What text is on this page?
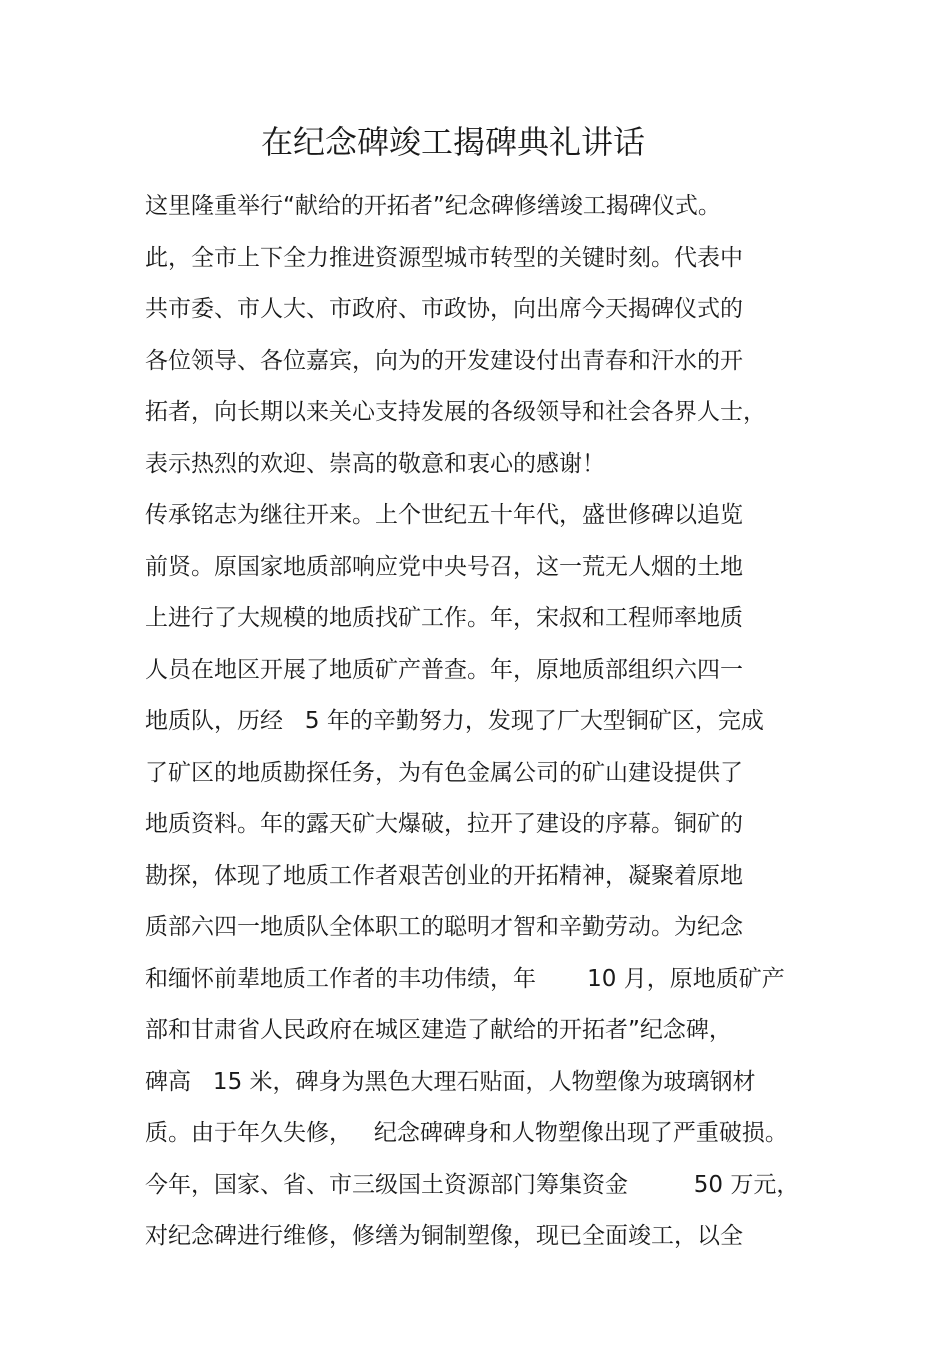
在纪念碑竣工揭碑典礼讲话
这里隆重举行“献给的开拓者”纪念碑修缮竣工揭碑仪式。
此，全市上下全力推进资源型城市转型的关键时刻。代表中
共市委、市人大、市政府、市政协，向出席今天揭碑仪式的
各位领导、各位嘉宾，向为的开发建设付出青春和汗水的开
拓者，向长期以来关心支持发展的各级领导和社会各界人士，
表示热烈的欢迎、崇高的敬意和衷心的感谢！
传承铭志为继往开来。上个世纪五十年代，盛世修碑以追览
前贤。原国家地质部响应党中央号召，这一荒无人烟的土地
上进行了大规模的地质找矿工作。年，宋叔和工程师率地质
人员在地区开展了地质矿产普查。年，原地质部组织六四一
地质队，历经   5 年的辛勤努力，发现了厂大型铜矿区，完成
了矿区的地质勘探任务，为有色金属公司的矿山建设提供了
地质资料。年的露天矿大爆破，拉开了建设的序幕。铜矿的
勘探，体现了地质工作者艰苦创业的开拓精神，凝聚着原地
质部六四一地质队全体职工的聪明才智和辛勤劳动。为纪念
和缅怀前辈地质工作者的丰功伟绩，年       10 月，原地质矿产
部和甘肃省人民政府在城区建造了献给的开拓者”纪念碑，
碑高   15 米，碑身为黑色大理石贴面，人物塑像为玻璃钢材
质。由于年久失修，   纪念碑碑身和人物塑像出现了严重破损。
今年，国家、省、市三级国土资源部门筹集资金         50 万元，
对纪念碑进行维修，修缮为铜制塑像，现已全面竣工，以全
